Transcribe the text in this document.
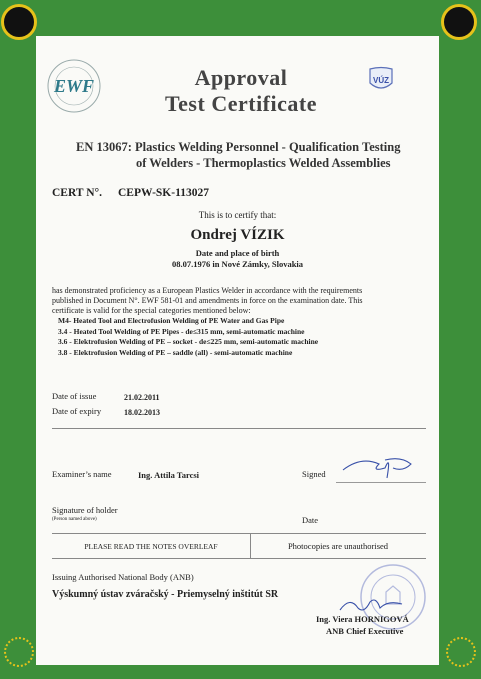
EWF	Approval
Test Certificate
VÚZ
EN 13067: Plastics Welding Personnel - Qualification Testing
of Welders - Thermoplastics Welded Assemblies
CERT N°. CEPW-SK-113027
This is to certify that:
Ondrej VÍZIK
Date and place of birth
08.07.1976 in Nové Zámky, Slovakia
has demonstrated proficiency as a European Plastics Welder in accordance with the requirements
published in Document N°. EWF 581-01 and amendments in force on the examination date. This
certificate is valid for the special categories mentioned below:
M4- Heated Tool and Electrofusion Welding of PE Water and Gas Pipe
3.4 - Heated Tool Welding of PE Pipes - de≤315 mm, semi-automatic machine
3.6 - Elektrofusion Welding of PE – socket - de≤225 mm, semi-automatic machine
3.8 - Elektrofusion Welding of PE – saddle (all) - semi-automatic machine
Date of issue	21.02.2011
Date of expiry	18.02.2013
Examiner’s name	Ing. Attila Tarcsi	Signed
Signature of holder
(Person named above)	Date
PLEASE READ THE NOTES OVERLEAF	Photocopies are unauthorised
Issuing Authorised National Body (ANB)
Výskumný ústav zváračský - Priemyselný inštitút SR
Ing. Viera HORNIGOVÁ
ANB Chief Executive
